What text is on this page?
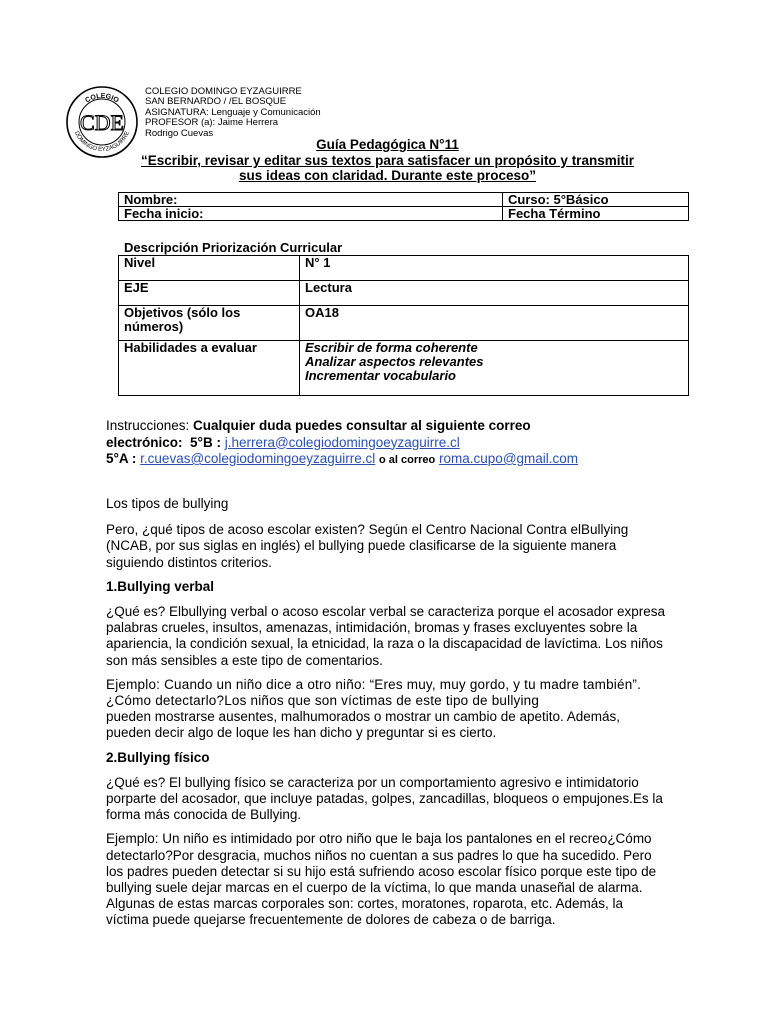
COLEGIO
DOMINGO EYZAGUIRRE
CDE
COLEGIO DOMINGO EYZAGUIRRE
SAN BERNARDO / /EL BOSQUE
ASIGNATURA: Lenguaje y Comunicación
PROFESOR (a): Jaime Herrera
Rodrigo Cuevas
Guía Pedagógica N°11
“Escribir, revisar y editar sus textos para satisfacer un propósito y transmitir
sus ideas con claridad. Durante este proceso”
Nombre:	Curso: 5°Básico
Fecha inicio:	Fecha Término
Descripción Priorización Curricular
Nivel	N° 1
EJE	Lectura
Objetivos (sólo los números)	OA18
Habilidades a evaluar	Escribir de forma coherente
Analizar aspectos relevantes
Incrementar vocabulario
Instrucciones: Cualquier duda puedes consultar al siguiente correo
electrónico:  5°B : j.herrera@colegiodomingoeyzaguirre.cl
5°A : r.cuevas@colegiodomingoeyzaguirre.cl o al correo roma.cupo@gmail.com

Los tipos de bullying

Pero, ¿qué tipos de acoso escolar existen? Según el Centro Nacional Contra elBullying (NCAB, por sus siglas en inglés) el bullying puede clasificarse de la siguiente manera siguiendo distintos criterios.

1.Bullying verbal

¿Qué es? Elbullying verbal o acoso escolar verbal se caracteriza porque el acosador expresa palabras crueles, insultos, amenazas, intimidación, bromas y frases excluyentes sobre la apariencia, la condición sexual, la etnicidad, la raza o la discapacidad de lavíctima. Los niños son más sensibles a este tipo de comentarios.

Ejemplo: Cuando un niño dice a otro niño: “Eres muy, muy gordo, y tu madre también”.¿Cómo detectarlo?Los niños que son víctimas de este tipo de bullying

pueden mostrarse ausentes, malhumorados o mostrar un cambio de apetito. Además, pueden decir algo de loque les han dicho y preguntar si es cierto.

2.Bullying físico

¿Qué es? El bullying físico se caracteriza por un comportamiento agresivo e intimidatorio porparte del acosador, que incluye patadas, golpes, zancadillas, bloqueos o empujones.Es la forma más conocida de Bullying.

Ejemplo: Un niño es intimidado por otro niño que le baja los pantalones en el recreo¿Cómo detectarlo?Por desgracia, muchos niños no cuentan a sus padres lo que ha sucedido. Pero los padres pueden detectar si su hijo está sufriendo acoso escolar físico porque este tipo de bullying suele dejar marcas en el cuerpo de la víctima, lo que manda unaseñal de alarma. Algunas de estas marcas corporales son: cortes, moratones, roparota, etc. Además, la víctima puede quejarse frecuentemente de dolores de cabeza o de barriga.
